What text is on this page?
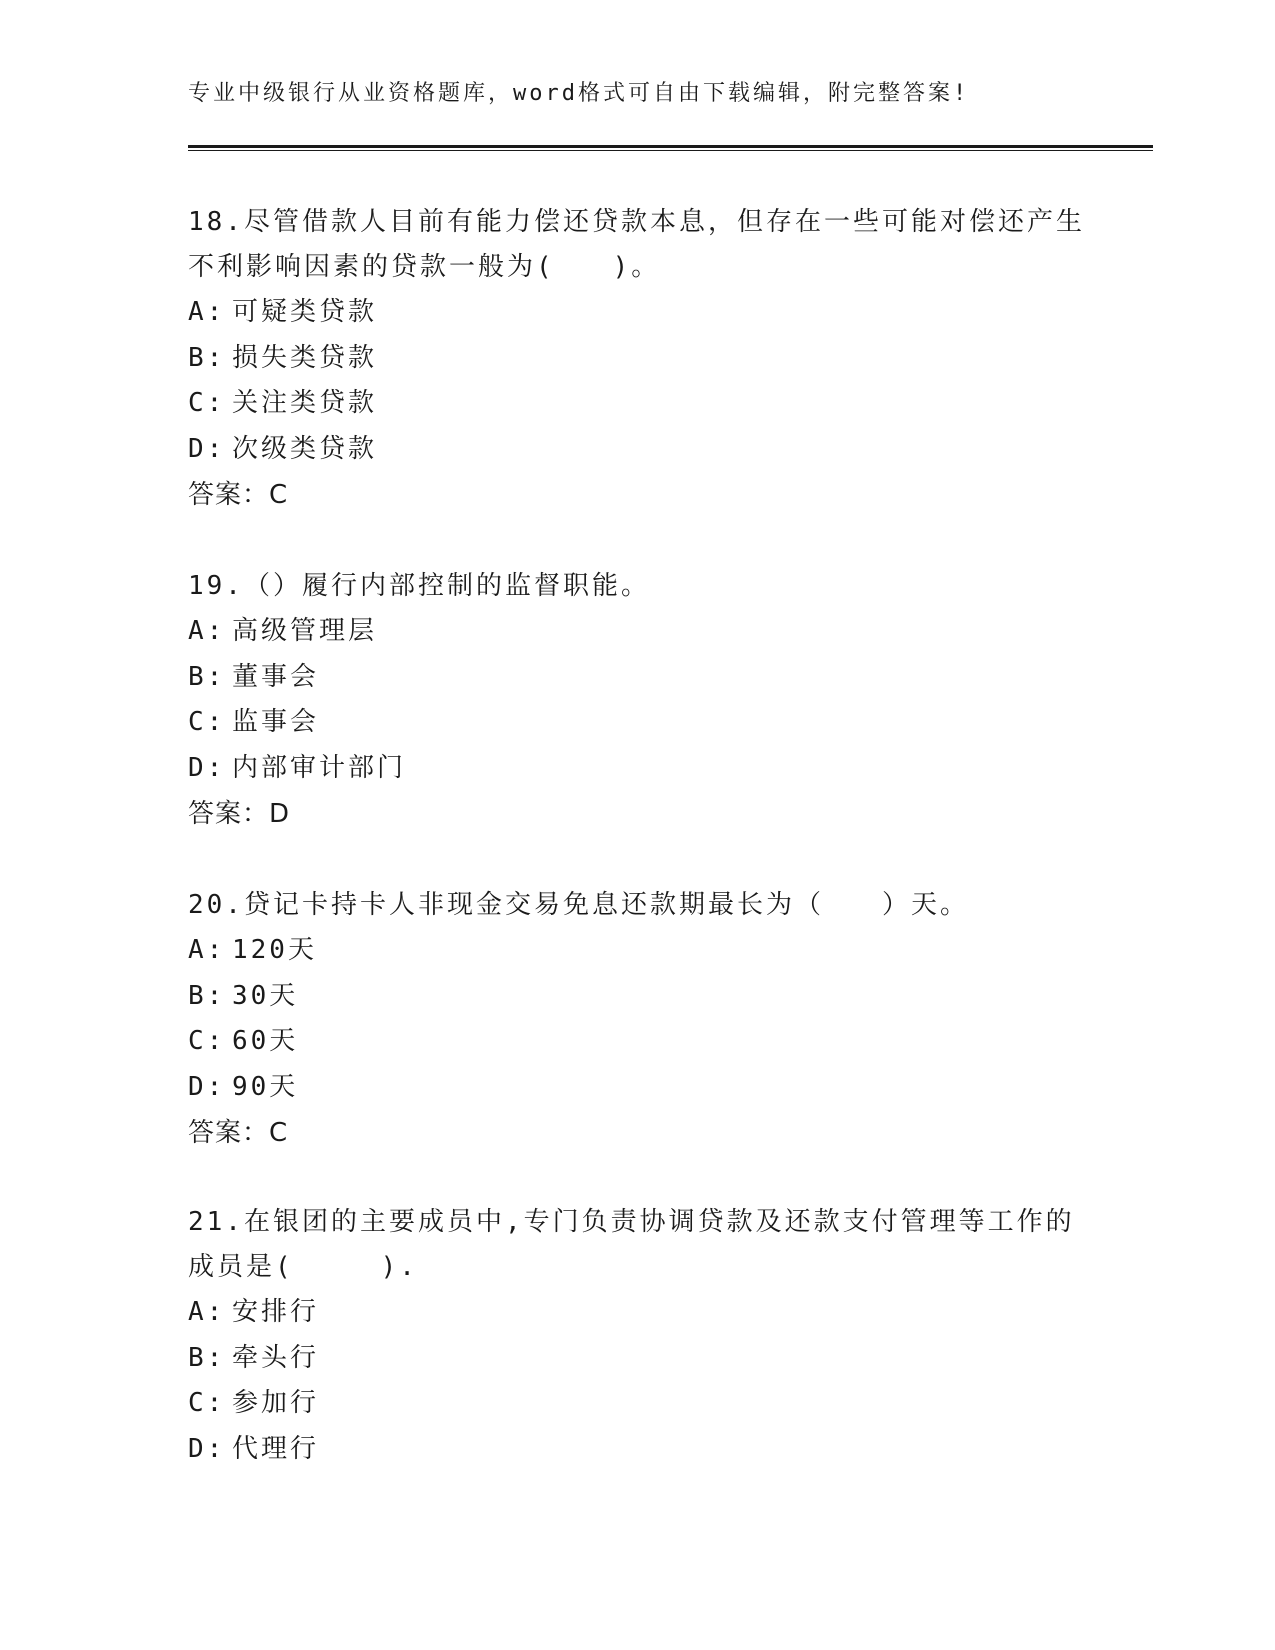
专业中级银行从业资格题库，word格式可自由下载编辑，附完整答案!
18.尽管借款人目前有能力偿还贷款本息，但存在一些可能对偿还产生
不利影响因素的贷款一般为(　　)。
A: 可疑类贷款
B: 损失类贷款
C: 关注类贷款
D: 次级类贷款
答案：C
19.（）履行内部控制的监督职能。
A: 高级管理层
B: 董事会
C: 监事会
D: 内部审计部门
答案：D
20.贷记卡持卡人非现金交易免息还款期最长为（　　）天。
A: 120天
B: 30天
C: 60天
D: 90天
答案：C
21.在银团的主要成员中,专门负责协调贷款及还款支付管理等工作的
成员是(　　　).
A: 安排行
B: 牵头行
C: 参加行
D: 代理行
